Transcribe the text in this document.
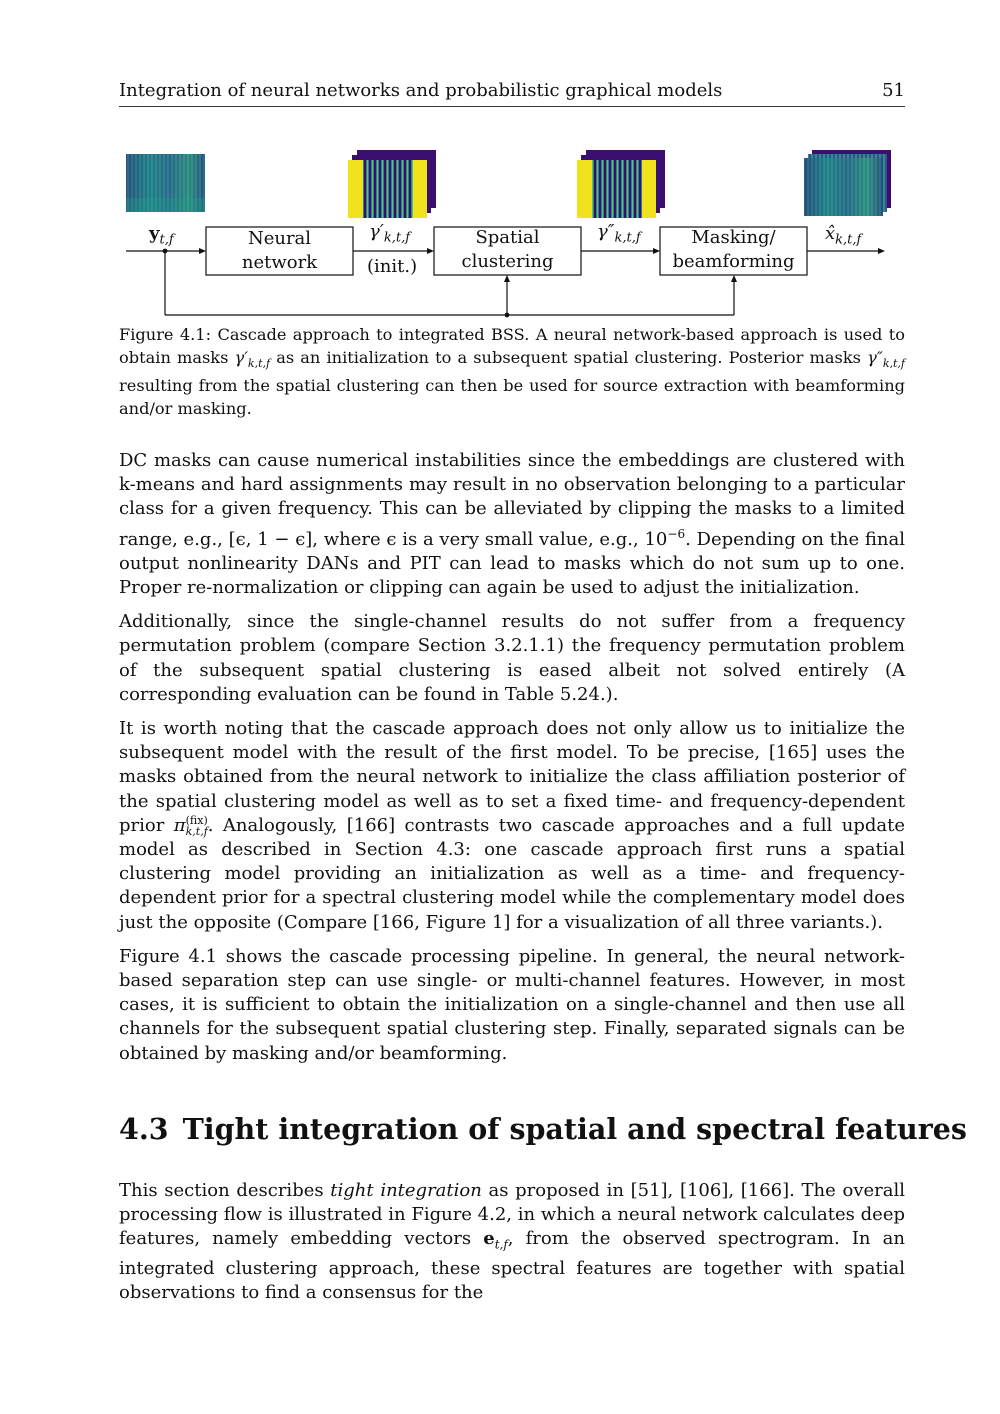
Integration of neural networks and probabilistic graphical models	51
$y_{t,f}$	Neural
network
$\gamma'_{k,t,f}$
(init.)
Spatial
clustering
$\gamma''_{k,t,f}$	Masking/
beamforming
$x̂_{k,t,f}$
Figure 4.1: Cascade approach to integrated BSS. A neural network-based approach is used to obtain masks $\gamma'_{k,t,f}$ as an initialization to a subsequent spatial clustering. Posterior masks $\gamma''_{k,t,f}$ resulting from the spatial clustering can then be used for source extraction with beamforming and/or masking.

DC masks can cause numerical instabilities since the embeddings are clustered with k-means and hard assignments may result in no observation belonging to a particular class for a given frequency. This can be alleviated by clipping the masks to a limited range, e.g., [ϵ, 1 − ϵ], where ϵ is a very small value, e.g., $10^{-6}$. Depending on the final output nonlinearity DANs and PIT can lead to masks which do not sum up to one. Proper re-normalization or clipping can again be used to adjust the initialization.

Additionally, since the single-channel results do not suffer from a frequency permutation problem (compare Section 3.2.1.1) the frequency permutation problem of the subsequent spatial clustering is eased albeit not solved entirely (A corresponding evaluation can be found in Table 5.24.).

It is worth noting that the cascade approach does not only allow us to initialize the subsequent model with the result of the first model. To be precise, [165] uses the masks obtained from the neural network to initialize the class affiliation posterior of the spatial clustering model as well as to set a fixed time- and frequency-dependent prior π (fix)
k,t,f . Analogously, [166] contrasts two cascade approaches and a full update model as described in Section 4.3: one cascade approach first runs a spatial clustering model providing an initialization as well as a time- and frequency-dependent prior for a spectral clustering model while the complementary model does just the opposite (Compare [166, Figure 1] for a visualization of all three variants.).

Figure 4.1 shows the cascade processing pipeline. In general, the neural network-based separation step can use single- or multi-channel features. However, in most cases, it is sufficient to obtain the initialization on a single-channel and then use all channels for the subsequent spatial clustering step. Finally, separated signals can be obtained by masking and/or beamforming.

4.3 Tight integration of spatial and spectral features

This section describes tight integration as proposed in [51], [106], [166]. The overall processing flow is illustrated in Figure 4.2, in which a neural network calculates deep features, namely embedding vectors $e_{t,f}$, from the observed spectrogram. In an integrated clustering approach, these spectral features are together with spatial observations to find a consensus for the
